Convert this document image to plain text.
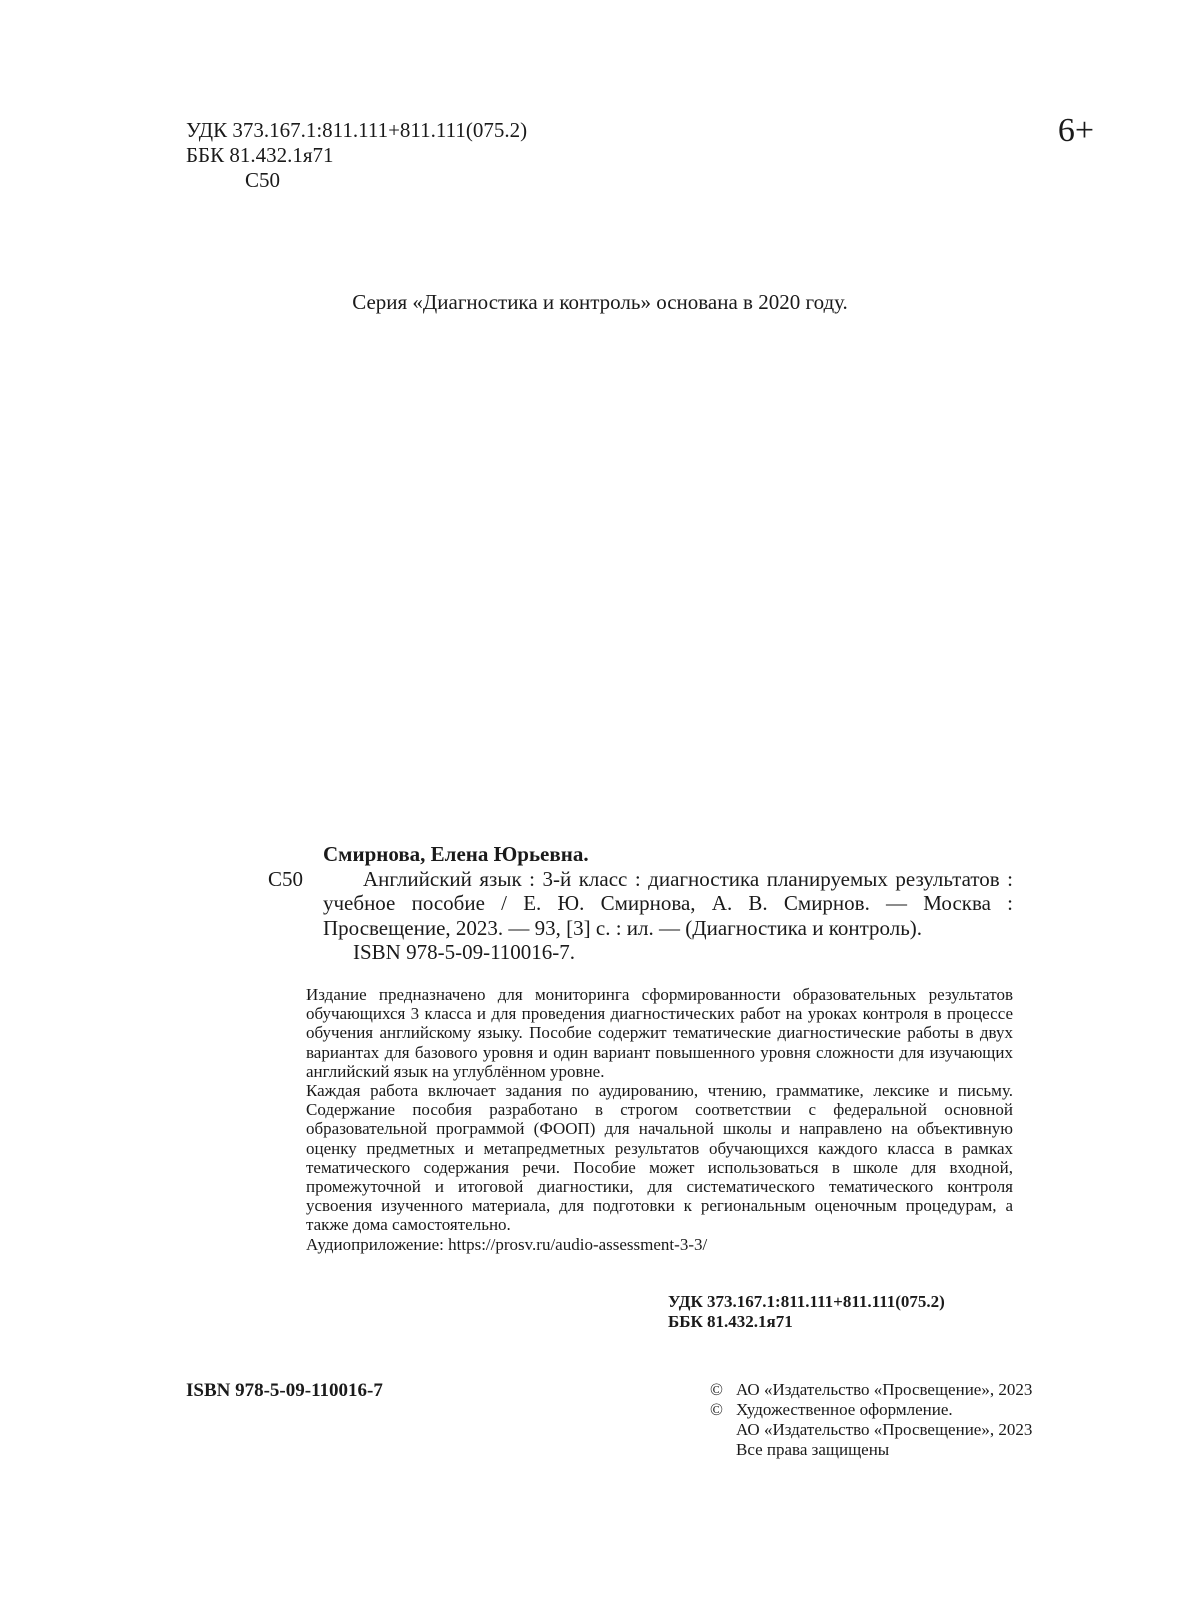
УДК 373.167.1:811.111+811.111(075.2)
ББК 81.432.1я71
С50
6+
Серия «Диагностика и контроль» основана в 2020 году.
Смирнова, Елена Юрьевна.
С50	Английский язык : 3-й класс : диагностика планируемых результатов : учебное пособие / Е. Ю. Смирнова, А. В. Смирнов. — Москва : Просвещение, 2023. — 93, [3] с. : ил. — (Диагностика и контроль).
ISBN 978-5-09-110016-7.

Издание предназначено для мониторинга сформированности образовательных результатов обучающихся 3 класса и для проведения диагностических работ на уроках контроля в процессе обучения английскому языку. Пособие содержит тематические диагностические работы в двух вариантах для базового уровня и один вариант повышенного уровня сложности для изучающих английский язык на углублённом уровне.

Каждая работа включает задания по аудированию, чтению, грамматике, лексике и письму. Содержание пособия разработано в строгом соответствии с федеральной основной образовательной программой (ФООП) для начальной школы и направлено на объективную оценку предметных и метапредметных результатов обучающихся каждого класса в рамках тематического содержания речи. Пособие может использоваться в школе для входной, промежуточной и итоговой диагностики, для систематического тематического контроля усвоения изученного материала, для подготовки к региональным оценочным процедурам, а также дома самостоятельно.

Аудиоприложение: https://prosv.ru/audio-assessment-3-3/

УДК 373.167.1:811.111+811.111(075.2)
ББК 81.432.1я71
ISBN 978-5-09-110016-7	© АО «Издательство «Просвещение», 2023
© Художественное оформление.
АО «Издательство «Просвещение», 2023
Все права защищены
